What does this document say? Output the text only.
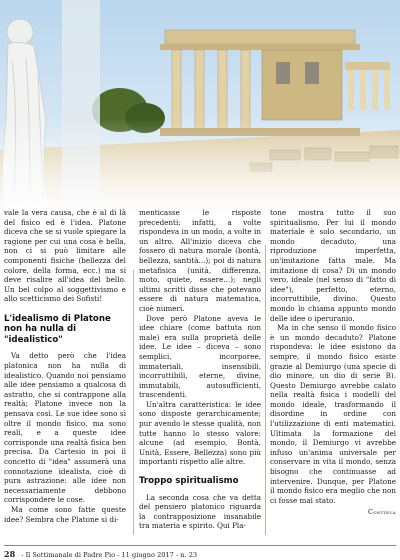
vale la vera causa, che è al di là del fisico ed è l'idea. Platone diceva che se si vuole spiegare la ragione per cui una cosa è bella, non ci si può limitare alle componenti fisiche (bellezza del colore, della forma, ecc.) ma si deve risalire all'idea del bello. Un bel colpo al soggettivismo e allo scetticismo dei Sofisti!

L'idealismo di Platone non ha nulla di "idealistico"

Va detto però che l'idea platonica non ha nulla di idealistico. Quando noi pensiamo alle idee pensiamo a qualcosa di astratto, che si contrappone alla realtà; Platone invece non la pensava così. Le sue idee sono sì oltre il mondo fisico, ma sono reali, e a queste idee corrisponde una realtà fisica ben precisa. Da Cartesio in poi il concetto di "idea" assumerà una connotazione idealista, cioè di pura astrazione: alle idee non necessariamente debbono corrispondere le cose.

Ma come sono fatte queste idee? Sembra che Platone si di-

menticasse le risposte precedenti; infatti, a volte rispondeva in un modo, a volte in un altro. All'inizio diceva che fossero di natura morale (bontà, bellezza, santità...); poi di natura metafisica (unità, differenza, moto, quiete, essere...); negli ultimi scritti disse che potevano essere di natura matematica, cioè numeri.

Dove però Platone aveva le idee chiare (come battuta non male) era sulla proprietà delle idee. Le idee – diceva – sono semplici, incorporee, immateriali, insensibili, incorruttibili, eterne, divine, immutabili, autosufficienti, trascendenti.

Un'altra caratteristica: le idee sono disposte gerarchicamente; pur avendo le stesse qualità, non tutte hanno lo stesso valore: alcune (ad esempio, Bontà, Unità, Essere, Bellezza) sono più importanti rispetto alle altre.

Troppo spiritualismo

La seconda cosa che va detta del pensiero platonico riguarda la contrapposizione insanabile tra materia e spirito. Qui Pla-

tone mostra tutto il suo spiritualismo. Per lui il mondo materiale è solo secondario, un mondo decaduto, una riproduzione imperfetta, un'imitazione fatta male. Ma imitazione di cosa? Di un mondo vero, ideale (nel senso di "fatto di idee"), perfetto, eterno, incorruttibile, divino. Questo mondo lo chiama appunto mondo delle idee o iperuranio.

Ma in che senso il mondo fisico è un mondo decaduto? Platone rispondeva: le idee esistono da sempre, il mondo fisico esiste grazie al Demiurgo (una specie di dio minore, un dio di serie B). Questo Demiurgo avrebbe calato nella realtà fisica i modelli del mondo ideale, trasformando il disordine in ordine con l'utilizzazione di enti matematici. Ultimata la formazione del mondo, il Demiurgo vi avrebbe infuso un'anima universale per conservare in vita il mondo, senza bisogno che continuasse ad intervenire. Dunque, per Platone il mondo fisico era meglio che non ci fosse mai stato.

Continua
28 - Il Settimanale di Padre Pio - 11 giugno 2017 - n. 23
